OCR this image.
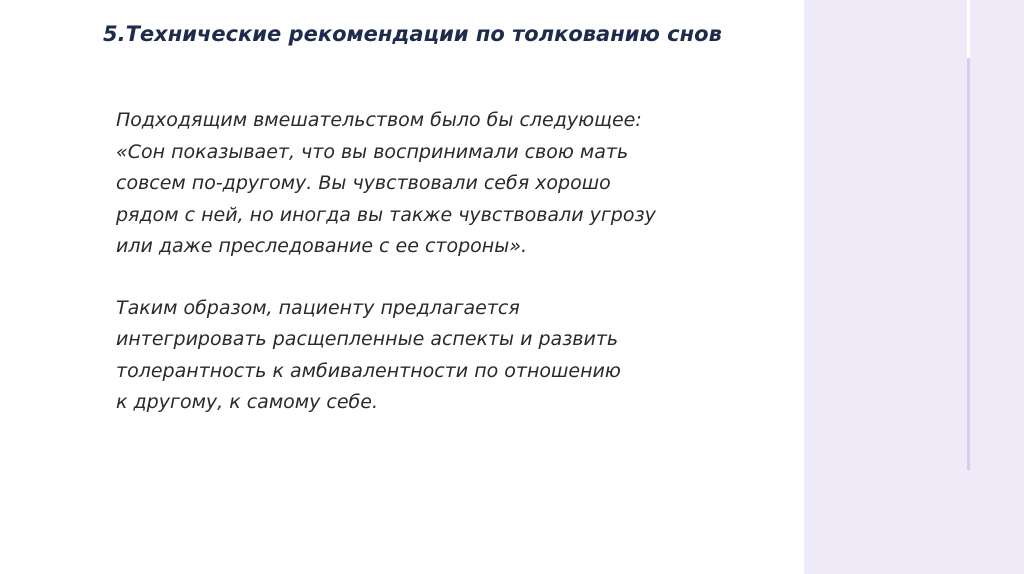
5.Технические рекомендации по толкованию снов

Подходящим вмешательством было бы следующее:
«Сон показывает, что вы воспринимали свою мать
совсем по-другому. Вы чувствовали себя хорошо
рядом с ней, но иногда вы также чувствовали угрозу
или даже преследование с ее стороны».

Таким образом, пациенту предлагается
интегрировать расщепленные аспекты и развить
толерантность к амбивалентности по отношению
к другому, к самому себе.
